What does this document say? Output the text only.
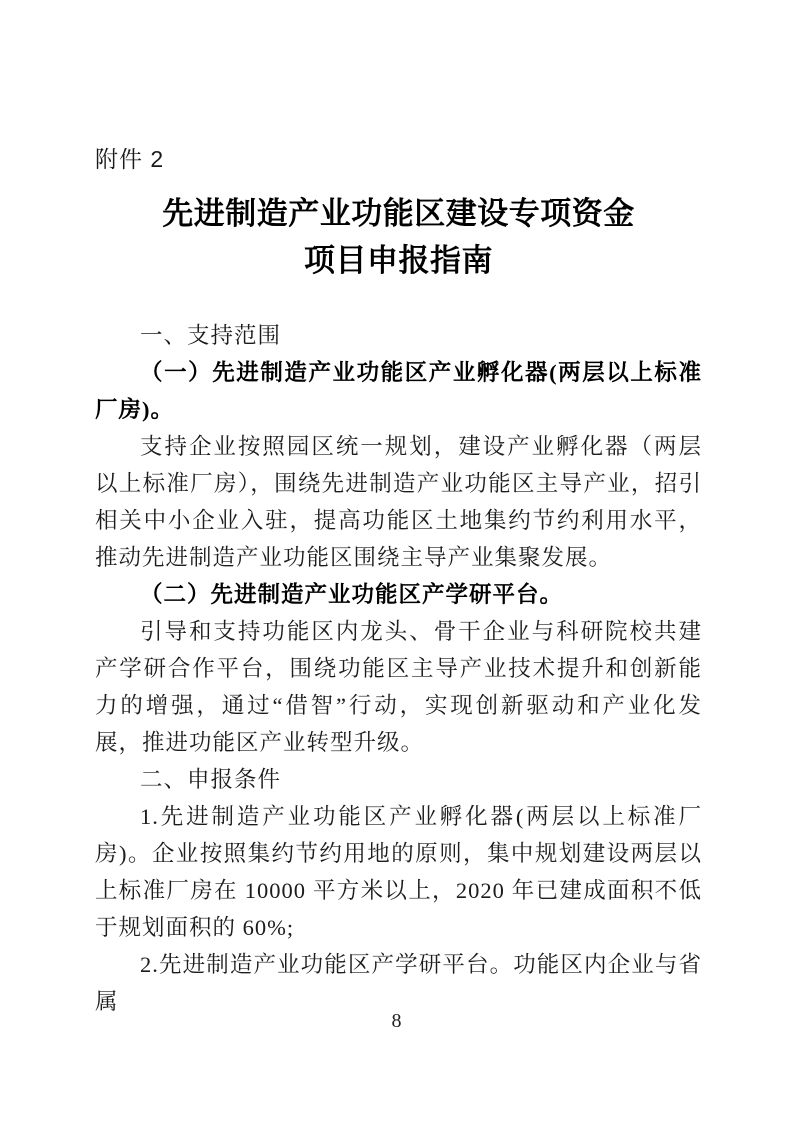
附件 2
先进制造产业功能区建设专项资金
项目申报指南

一、支持范围

（一）先进制造产业功能区产业孵化器(两层以上标准厂房)。

支持企业按照园区统一规划，建设产业孵化器（两层以上标准厂房），围绕先进制造产业功能区主导产业，招引相关中小企业入驻，提高功能区土地集约节约利用水平，推动先进制造产业功能区围绕主导产业集聚发展。

（二）先进制造产业功能区产学研平台。

引导和支持功能区内龙头、骨干企业与科研院校共建产学研合作平台，围绕功能区主导产业技术提升和创新能力的增强，通过“借智”行动，实现创新驱动和产业化发展，推进功能区产业转型升级。

二、申报条件

1.先进制造产业功能区产业孵化器(两层以上标准厂房)。企业按照集约节约用地的原则，集中规划建设两层以上标准厂房在 10000 平方米以上，2020 年已建成面积不低于规划面积的 60%;

2.先进制造产业功能区产学研平台。功能区内企业与省属

8
